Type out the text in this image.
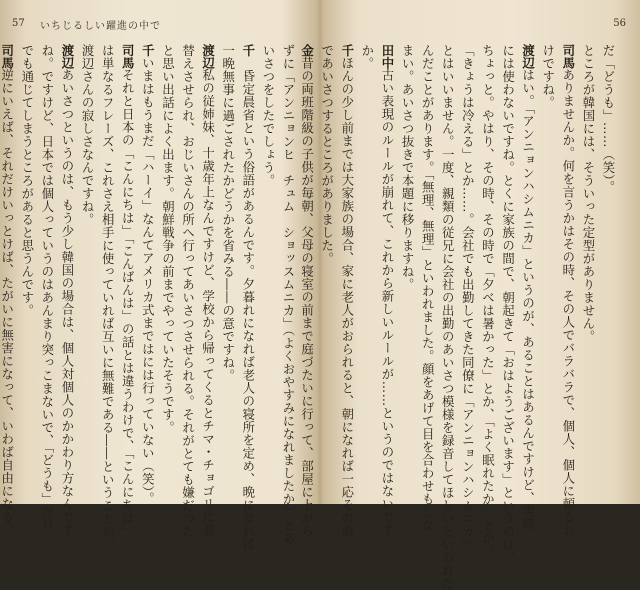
57 いちじるしい躍進の中で
ずに「アンニョンヒ　チュム　ショッスムニカ」（よくおやすみになれましたか）とあ
いさつをしたでしょう。
千　昏定晨省という俗語があるんです。夕暮れになれば老人の寝所を定め、晩になれば
一晩無事に過ごされたかどうかを省みる――の意ですね。
渡辺私の従姉妹、十歳年上なんですけど、学校から帰ってくるとチマ・チョゴリに着
替えさせられ、おじいさんの所へ行ってあいさつさせられる。それがとても嫌だった
と思い出話によく出ます。朝鮮戦争の前までやっていたそうです。
千いまはもうまだ「ハーイ」なんてアメリカ式まではには行っていない（笑）。
司馬それと日本の「こんにちは」「こんばんは」の話とは違うわけで、「こんにちは」
は単なるフレーズ、これさえ相手に使っていれば互いに無難である――ということが、
渡辺さんの寂しさなんですね。
渡辺あいさつというのは、もう少し韓国の場合は、個人対個人のかかわり方なんです
ね。ですけど、日本では個人っていうのはあんまり突っこまないで、「どうも」だけ
でも通じてしまうところがあると思うんです。
司馬逆にいえば、それだけいっとけば、たがいに無害になって、いわば自由になる。
56
だ「どうも」……（笑）。
ところが韓国には、そういった定型がありません。
司馬ありませんか。何を言うかはその時、その人でバラバラで、個人、個人に頼るわ
けですね。
渡辺はい。「アンニョンハシムニカ」というのが、あることはあるんですけど、実際
には使わないですね。とくに家族の間で、朝起きて「おはようございます」というのは、
ちょっと。やはり、その時、その時で「夕べは暑かった」とか、「よく眠れたか」とか、
「きょうは冷える」とか……。会社でも出勤してきた同僚に「アンニョンハシムニカ」
とはいいません。一度、親類の従兄に会社の出勤のあいさつ模様を録音してほしいといわれた
んだことがあります。「無理、無理」といわれました。顔をあげて目を合わせもしな
まい。あいさつ抜きで本題に移りますね。
田中古い表現のルールが崩れて、これから新しいルールが……というのではないです
か。
千ほんの少し前までは大家族の場合、家に老人がおられると、朝になれば一応その前
であいさつするところがありました。
金昔の両班階級の子供が毎朝、父母の寝室の前まで庭づたいに行って、部屋に上がら
